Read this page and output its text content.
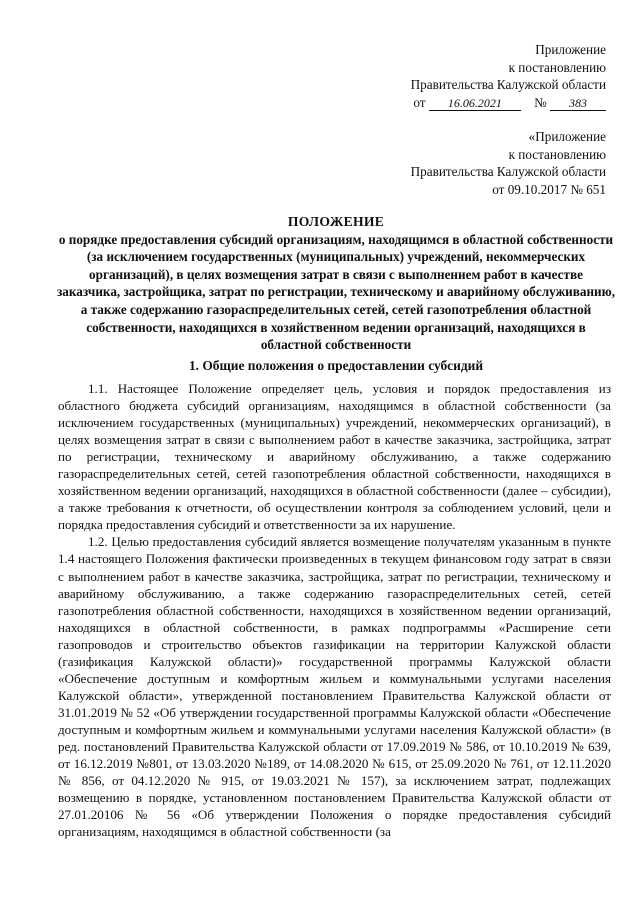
Приложение
к постановлению
Правительства Калужской области
от 16.06.2021 № 383
«Приложение
к постановлению
Правительства Калужской области
от 09.10.2017 № 651
ПОЛОЖЕНИЕ
о порядке предоставления субсидий организациям, находящимся в областной собственности (за исключением государственных (муниципальных) учреждений, некоммерческих организаций), в целях возмещения затрат в связи с выполнением работ в качестве заказчика, застройщика, затрат по регистрации, техническому и аварийному обслуживанию, а также содержанию газораспределительных сетей, сетей газопотребления областной собственности, находящихся в хозяйственном ведении организаций, находящихся в областной собственности
1. Общие положения о предоставлении субсидий

1.1. Настоящее Положение определяет цель, условия и порядок предоставления из областного бюджета субсидий организациям, находящимся в областной собственности (за исключением государственных (муниципальных) учреждений, некоммерческих организаций), в целях возмещения затрат в связи с выполнением работ в качестве заказчика, застройщика, затрат по регистрации, техническому и аварийному обслуживанию, а также содержанию газораспределительных сетей, сетей газопотребления областной собственности, находящихся в хозяйственном ведении организаций, находящихся в областной собственности (далее – субсидии), а также требования к отчетности, об осуществлении контроля за соблюдением условий, цели и порядка предоставления субсидий и ответственности за их нарушение.

1.2. Целью предоставления субсидий является возмещение получателям указанным в пункте 1.4 настоящего Положения фактически произведенных в текущем финансовом году затрат в связи с выполнением работ в качестве заказчика, застройщика, затрат по регистрации, техническому и аварийному обслуживанию, а также содержанию газораспределительных сетей, сетей газопотребления областной собственности, находящихся в хозяйственном ведении организаций, находящихся в областной собственности, в рамках подпрограммы «Расширение сети газопроводов и строительство объектов газификации на территории Калужской области (газификация Калужской области)» государственной программы Калужской области «Обеспечение доступным и комфортным жильем и коммунальными услугами населения Калужской области», утвержденной постановлением Правительства Калужской области от 31.01.2019 № 52 «Об утверждении государственной программы Калужской области «Обеспечение доступным и комфортным жильем и коммунальными услугами населения Калужской области» (в ред. постановлений Правительства Калужской области от 17.09.2019 № 586, от 10.10.2019 № 639, от 16.12.2019 №801, от 13.03.2020 №189, от 14.08.2020 № 615, от 25.09.2020 № 761, от 12.11.2020 № 856, от 04.12.2020 № 915, от 19.03.2021 № 157), за исключением затрат, подлежащих возмещению в порядке, установленном постановлением Правительства Калужской области от 27.01.20106 № 56 «Об утверждении Положения о порядке предоставления субсидий организациям, находящимся в областной собственности (за
